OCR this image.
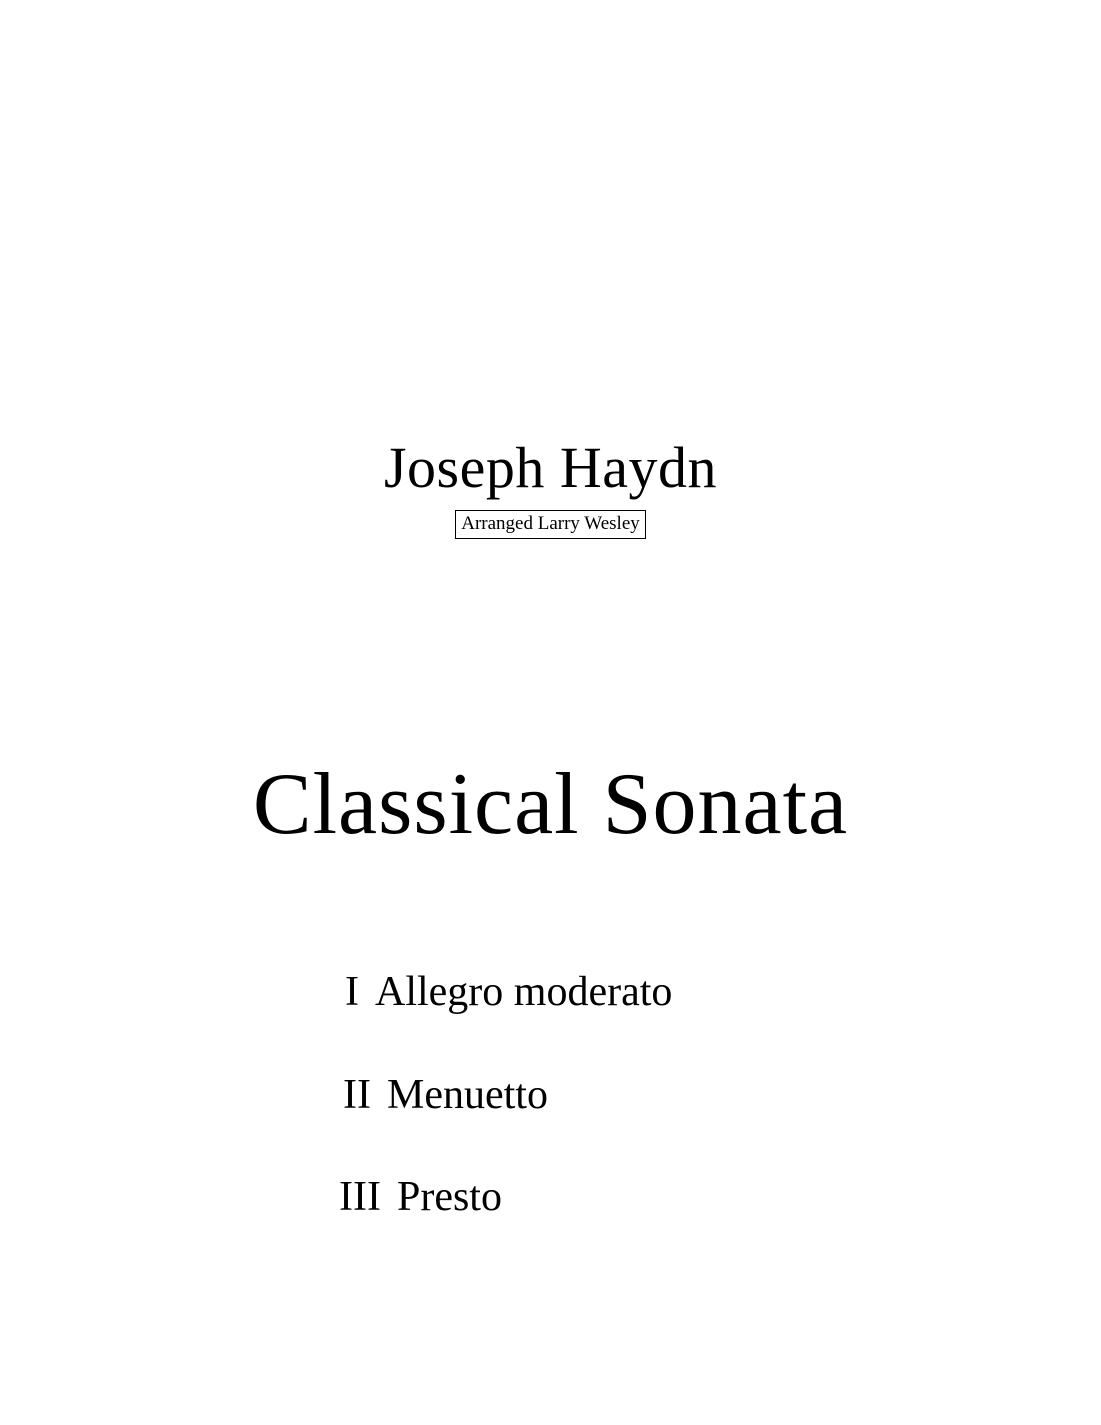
Joseph Haydn
Arranged Larry Wesley
Classical Sonata
I Allegro moderato
II Menuetto
III Presto
